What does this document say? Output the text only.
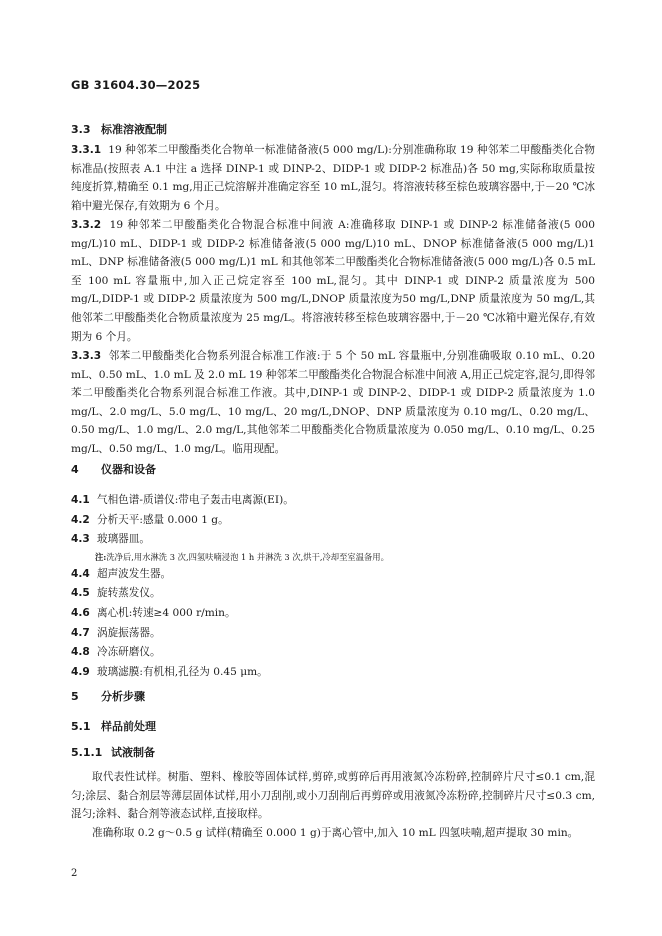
GB 31604.30—2025
3.3 标准溶液配制
3.3.1 19 种邻苯二甲酸酯类化合物单一标准储备液(5 000 mg/L):分别准确称取 19 种邻苯二甲酸酯类化合物标准品(按照表 A.1 中注 a 选择 DINP-1 或 DINP-2、DIDP-1 或 DIDP-2 标准品)各 50 mg,实际称取质量按纯度折算,精确至 0.1 mg,用正己烷溶解并准确定容至 10 mL,混匀。将溶液转移至棕色玻璃容器中,于－20 ℃冰箱中避光保存,有效期为 6 个月。
3.3.2 19 种邻苯二甲酸酯类化合物混合标准中间液 A:准确移取 DINP-1 或 DINP-2 标准储备液(5 000 mg/L)10 mL、DIDP-1 或 DIDP-2 标准储备液(5 000 mg/L)10 mL、DNOP 标准储备液(5 000 mg/L)1 mL、DNP 标准储备液(5 000 mg/L)1 mL 和其他邻苯二甲酸酯类化合物标准储备液(5 000 mg/L)各 0.5 mL 至 100 mL 容量瓶中,加入正己烷定容至 100 mL,混匀。其中 DINP-1 或 DINP-2 质量浓度为 500 mg/L,DIDP-1 或 DIDP-2 质量浓度为 500 mg/L,DNOP 质量浓度为50 mg/L,DNP 质量浓度为 50 mg/L,其他邻苯二甲酸酯类化合物质量浓度为 25 mg/L。将溶液转移至棕色玻璃容器中,于－20 ℃冰箱中避光保存,有效期为 6 个月。
3.3.3 邻苯二甲酸酯类化合物系列混合标准工作液:于 5 个 50 mL 容量瓶中,分别准确吸取 0.10 mL、0.20 mL、0.50 mL、1.0 mL 及 2.0 mL 19 种邻苯二甲酸酯类化合物混合标准中间液 A,用正己烷定容,混匀,即得邻苯二甲酸酯类化合物系列混合标准工作液。其中,DINP-1 或 DINP-2、DIDP-1 或 DIDP-2 质量浓度为 1.0 mg/L、2.0 mg/L、5.0 mg/L、10 mg/L、20 mg/L,DNOP、DNP 质量浓度为 0.10 mg/L、0.20 mg/L、0.50 mg/L、1.0 mg/L、2.0 mg/L,其他邻苯二甲酸酯类化合物质量浓度为 0.050 mg/L、0.10 mg/L、0.25 mg/L、0.50 mg/L、1.0 mg/L。临用现配。
4 仪器和设备
4.1 气相色谱-质谱仪:带电子轰击电离源(EI)。
4.2 分析天平:感量 0.000 1 g。
4.3 玻璃器皿。
注:洗净后,用水淋洗 3 次,四氢呋喃浸泡 1 h 并淋洗 3 次,烘干,冷却至室温备用。
4.4 超声波发生器。
4.5 旋转蒸发仪。
4.6 离心机:转速≥4 000 r/min。
4.7 涡旋振荡器。
4.8 冷冻研磨仪。
4.9 玻璃滤膜:有机相,孔径为 0.45 μm。
5 分析步骤
5.1 样品前处理
5.1.1 试液制备
取代表性试样。树脂、塑料、橡胶等固体试样,剪碎,或剪碎后再用液氮冷冻粉碎,控制碎片尺寸≤0.1 cm,混匀;涂层、黏合剂层等薄层固体试样,用小刀刮削,或小刀刮削后再剪碎或用液氮冷冻粉碎,控制碎片尺寸≤0.3 cm,混匀;涂料、黏合剂等液态试样,直接取样。
准确称取 0.2 g～0.5 g 试样(精确至 0.000 1 g)于离心管中,加入 10 mL 四氢呋喃,超声提取 30 min。
2
